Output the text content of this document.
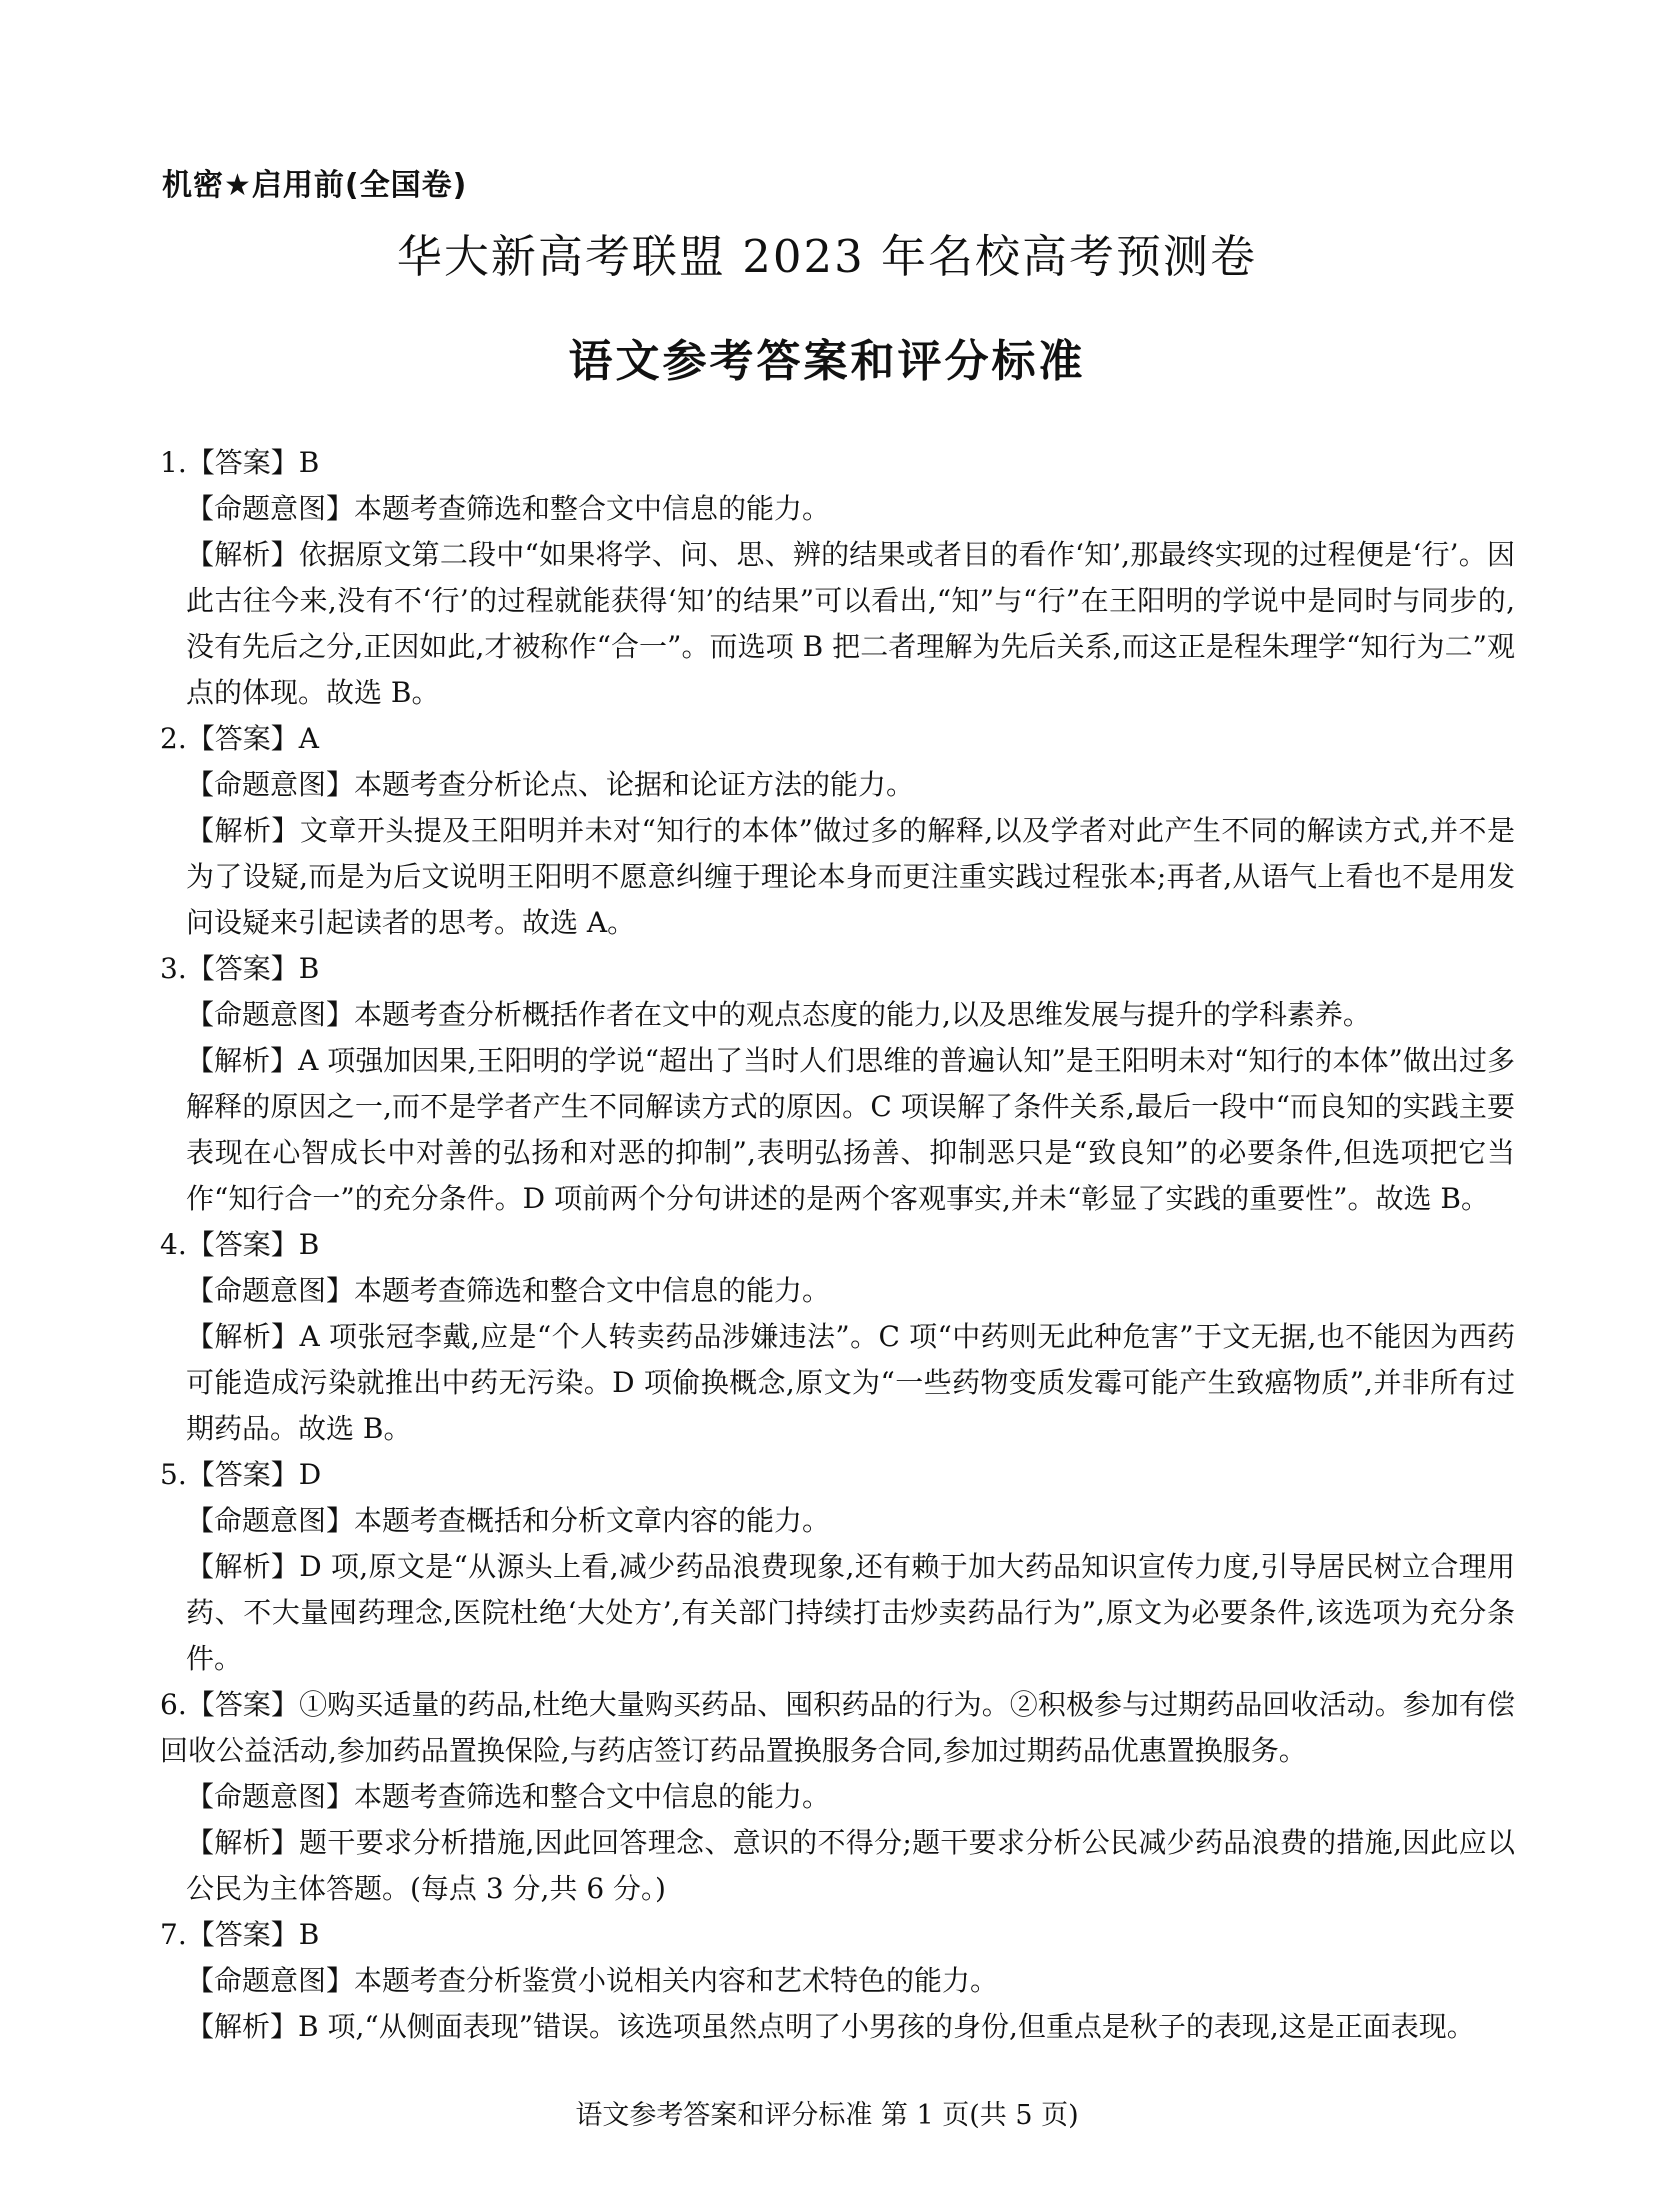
机密★启用前(全国卷)
华大新高考联盟 2023 年名校高考预测卷
语文参考答案和评分标准

1.【答案】B

【命题意图】本题考查筛选和整合文中信息的能力。

【解析】依据原文第二段中“如果将学、问、思、辨的结果或者目的看作‘知’,那最终实现的过程便是‘行’。因此古往今来,没有不‘行’的过程就能获得‘知’的结果”可以看出,“知”与“行”在王阳明的学说中是同时与同步的,没有先后之分,正因如此,才被称作“合一”。而选项 B 把二者理解为先后关系,而这正是程朱理学“知行为二”观点的体现。故选 B。

2.【答案】A

【命题意图】本题考查分析论点、论据和论证方法的能力。

【解析】文章开头提及王阳明并未对“知行的本体”做过多的解释,以及学者对此产生不同的解读方式,并不是为了设疑,而是为后文说明王阳明不愿意纠缠于理论本身而更注重实践过程张本;再者,从语气上看也不是用发问设疑来引起读者的思考。故选 A。

3.【答案】B

【命题意图】本题考查分析概括作者在文中的观点态度的能力,以及思维发展与提升的学科素养。

【解析】A 项强加因果,王阳明的学说“超出了当时人们思维的普遍认知”是王阳明未对“知行的本体”做出过多解释的原因之一,而不是学者产生不同解读方式的原因。C 项误解了条件关系,最后一段中“而良知的实践主要表现在心智成长中对善的弘扬和对恶的抑制”,表明弘扬善、抑制恶只是“致良知”的必要条件,但选项把它当作“知行合一”的充分条件。D 项前两个分句讲述的是两个客观事实,并未“彰显了实践的重要性”。故选 B。

4.【答案】B

【命题意图】本题考查筛选和整合文中信息的能力。

【解析】A 项张冠李戴,应是“个人转卖药品涉嫌违法”。C 项“中药则无此种危害”于文无据,也不能因为西药可能造成污染就推出中药无污染。D 项偷换概念,原文为“一些药物变质发霉可能产生致癌物质”,并非所有过期药品。故选 B。

5.【答案】D

【命题意图】本题考查概括和分析文章内容的能力。

【解析】D 项,原文是“从源头上看,减少药品浪费现象,还有赖于加大药品知识宣传力度,引导居民树立合理用药、不大量囤药理念,医院杜绝‘大处方’,有关部门持续打击炒卖药品行为”,原文为必要条件,该选项为充分条件。

6.【答案】①购买适量的药品,杜绝大量购买药品、囤积药品的行为。②积极参与过期药品回收活动。参加有偿回收公益活动,参加药品置换保险,与药店签订药品置换服务合同,参加过期药品优惠置换服务。

【命题意图】本题考查筛选和整合文中信息的能力。

【解析】题干要求分析措施,因此回答理念、意识的不得分;题干要求分析公民减少药品浪费的措施,因此应以公民为主体答题。(每点 3 分,共 6 分。)

7.【答案】B

【命题意图】本题考查分析鉴赏小说相关内容和艺术特色的能力。

【解析】B 项,“从侧面表现”错误。该选项虽然点明了小男孩的身份,但重点是秋子的表现,这是正面表现。

语文参考答案和评分标准 第 1 页(共 5 页)
